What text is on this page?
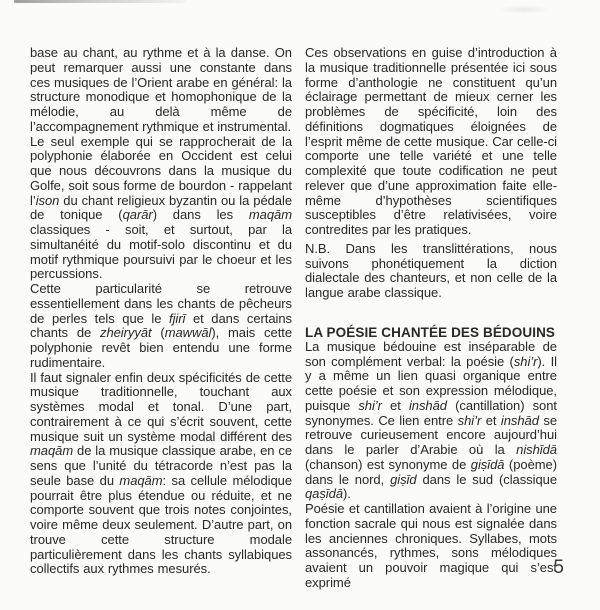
base au chant, au rythme et à la danse. On peut remarquer aussi une constante dans ces musiques de l’Orient arabe en général: la structure monodique et homophonique de la mélodie, au delà même de l’accompagnement rythmique et instrumental.

Le seul exemple qui se rapprocherait de la polyphonie élaborée en Occident est celui que nous découvrons dans la musique du Golfe, soit sous forme de bourdon - rappelant l’ison du chant religieux byzantin ou la pédale de tonique (qarār) dans les maqām classiques - soit, et surtout, par la simultanéité du motif-solo discontinu et du motif rythmique poursuivi par le choeur et les percussions.

Cette particularité se retrouve essentiellement dans les chants de pêcheurs de perles tels que le fjirī et dans certains chants de zheiryyāt (mawwāl), mais cette polyphonie revêt bien entendu une forme rudimentaire.

Il faut signaler enfin deux spécificités de cette musique traditionnelle, touchant aux systèmes modal et tonal. D’une part, contrairement à ce qui s’écrit souvent, cette musique suit un système modal différent des maqām de la musique classique arabe, en ce sens que l’unité du tétracorde n’est pas la seule base du maqām: sa cellule mélodique pourrait être plus étendue ou réduite, et ne comporte souvent que trois notes conjointes, voire même deux seulement. D’autre part, on trouve cette structure modale particulièrement dans les chants syllabiques collectifs aux rythmes mesurés.

Ces observations en guise d’introduction à la musique traditionnelle présentée ici sous forme d’anthologie ne constituent qu’un éclairage permettant de mieux cerner les problèmes de spécificité, loin des définitions dogmatiques éloignées de l’esprit même de cette musique. Car celle-ci comporte une telle variété et une telle complexité que toute codification ne peut relever que d’une approximation faite elle-même d’hypothèses scientifiques susceptibles d’être relativisées, voire contredites par les pratiques.

N.B. Dans les translittérations, nous suivons phonétiquement la diction dialectale des chanteurs, et non celle de la langue arabe classique.

LA POÉSIE CHANTÉE DES BÉDOUINS

La musique bédouine est inséparable de son complément verbal: la poésie (shi’r). Il y a même un lien quasi organique entre cette poésie et son expression mélodique, puisque shi’r et inshād (cantillation) sont synonymes. Ce lien entre shi’r et inshād se retrouve curieusement encore aujourd’hui dans le parler d’Arabie où la nishīdā (chanson) est synonyme de giṣīdā (poème) dans le nord, giṣīd dans le sud (classique qaṣīdā).

Poésie et cantillation avaient à l’origine une fonction sacrale qui nous est signalée dans les anciennes chroniques. Syllabes, mots assonancés, rythmes, sons mélodiques avaient un pouvoir magique qui s’est exprimé

5
